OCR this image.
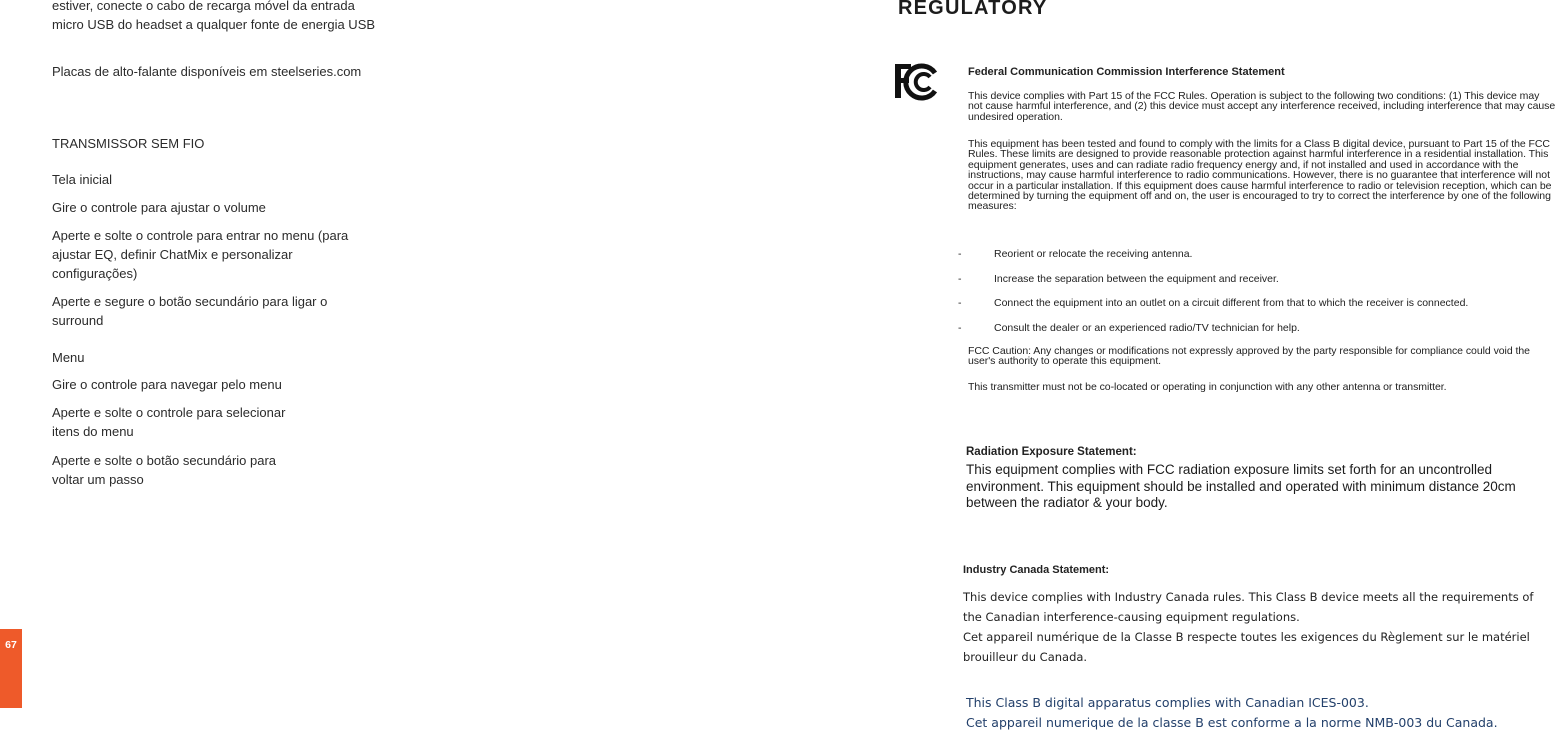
estiver, conecte o cabo de recarga móvel da entrada micro USB do headset a qualquer fonte de energia USB

Placas de alto-falante disponíveis em steelseries.com

TRANSMISSOR SEM FIO
Tela inicial
Gire o controle para ajustar o volume
Aperte e solte o controle para entrar no menu (para ajustar EQ, definir ChatMix e personalizar configurações)
Aperte e segure o botão secundário para ligar o surround
Menu
Gire o controle para navegar pelo menu
Aperte e solte o controle para selecionar itens do menu
Aperte e solte o botão secundário para voltar um passo
67
REGULATORY
Federal Communication Commission Interference Statement
This device complies with Part 15 of the FCC Rules. Operation is subject to the following two conditions: (1) This device may not cause harmful interference, and (2) this device must accept any interference received, including interference that may cause undesired operation.
This equipment has been tested and found to comply with the limits for a Class B digital device, pursuant to Part 15 of the FCC Rules. These limits are designed to provide reasonable protection against harmful interference in a residential installation. This equipment generates, uses and can radiate radio frequency energy and, if not installed and used in accordance with the instructions, may cause harmful interference to radio communications. However, there is no guarantee that interference will not occur in a particular installation. If this equipment does cause harmful interference to radio or television reception, which can be determined by turning the equipment off and on, the user is encouraged to try to correct the interference by one of the following measures:
-	Reorient or relocate the receiving antenna.
-	Increase the separation between the equipment and receiver.
-	Connect the equipment into an outlet on a circuit different from that to which the receiver is connected.
-	Consult the dealer or an experienced radio/TV technician for help.
FCC Caution: Any changes or modifications not expressly approved by the party responsible for compliance could void the user's authority to operate this equipment.
This transmitter must not be co-located or operating in conjunction with any other antenna or transmitter.
Radiation Exposure Statement:
This equipment complies with FCC radiation exposure limits set forth for an uncontrolled environment. This equipment should be installed and operated with minimum distance 20cm between the radiator & your body.
Industry Canada Statement:
This device complies with Industry Canada rules. This Class B device meets all the requirements of the Canadian interference-causing equipment regulations.
Cet appareil numérique de la Classe B respecte toutes les exigences du Règlement sur le matériel brouilleur du Canada.
This Class B digital apparatus complies with Canadian ICES-003.
Cet appareil numerique de la classe B est conforme a la norme NMB-003 du Canada.
